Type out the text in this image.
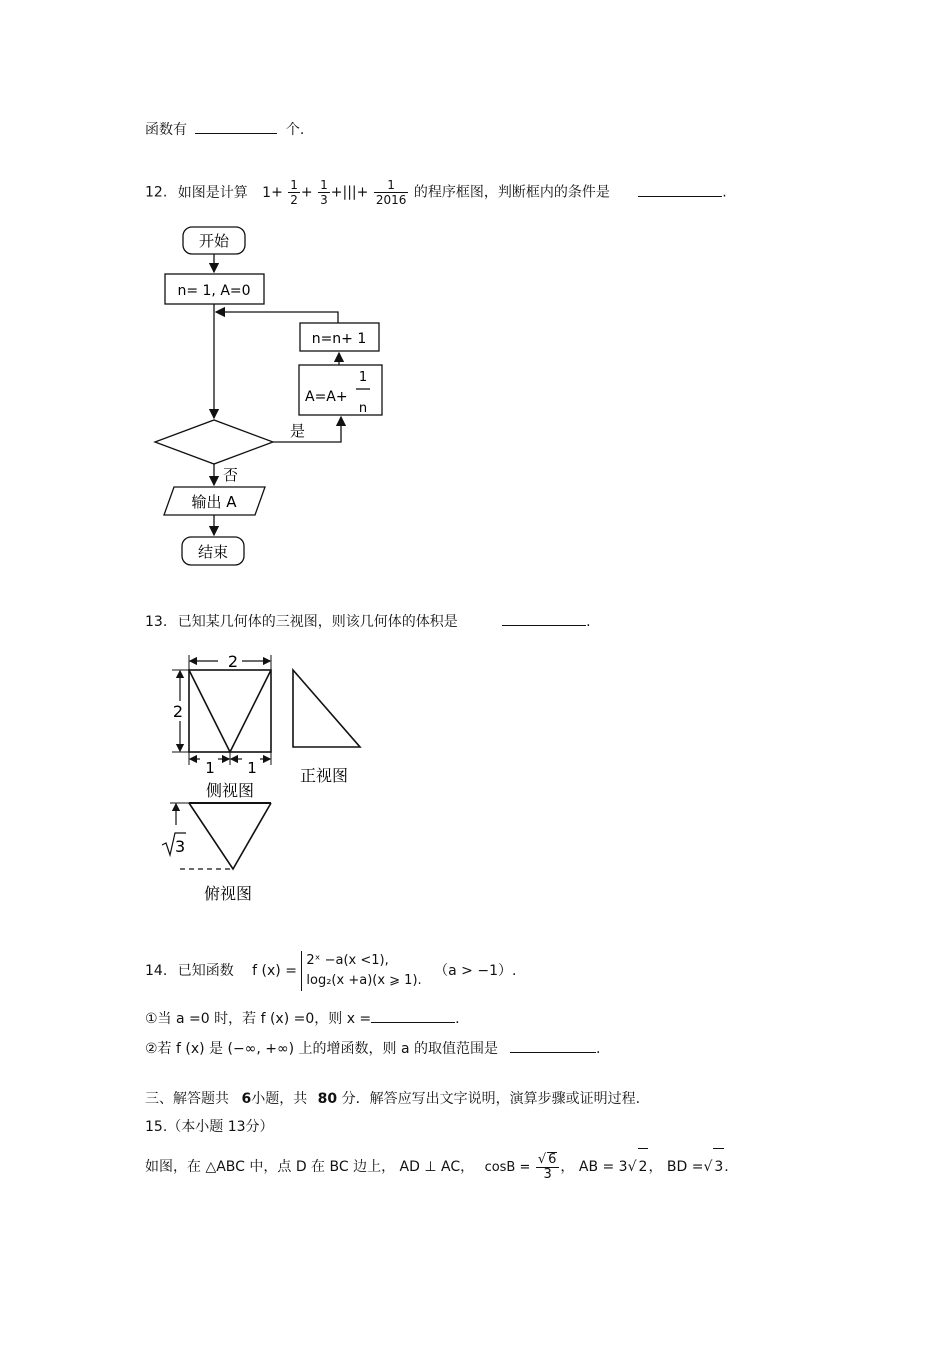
函数有	个.
12. 如图是计算 $1+ \frac{1}{2} + \frac{1}{3}$ +|||+ $\frac{1}{2016}$ 的程序框图，判断框内的条件是	.
开始
n= 1, A=0
n=n+ 1
A=A+
1
n
是
否
输出 A
结束
13. 已知某几何体的三视图，则该几何体的体积是	.
2
2
1 1
侧视图
正视图
3
俯视图
14. 已知函数 f (x) =
2ˣ −a(x <1),
log₂(x +a)(x ⩾ 1).
（a > −1）.
①当 a =0 时，若 f (x) =0，则 x =	.
②若 f (x) 是 (−∞, +∞) 上的增函数，则 a 的取值范围是	.
三、解答题共 6小题，共 80 分．解答应写出文字说明，演算步骤或证明过程.
15.（本小题 13分）
如图，在 △ABC 中，点 D 在 BC 边上， AD ⊥ AC， $\cos B = \frac{√ 6}{3}$ ， AB = 3√ 2， BD =√ 3.
